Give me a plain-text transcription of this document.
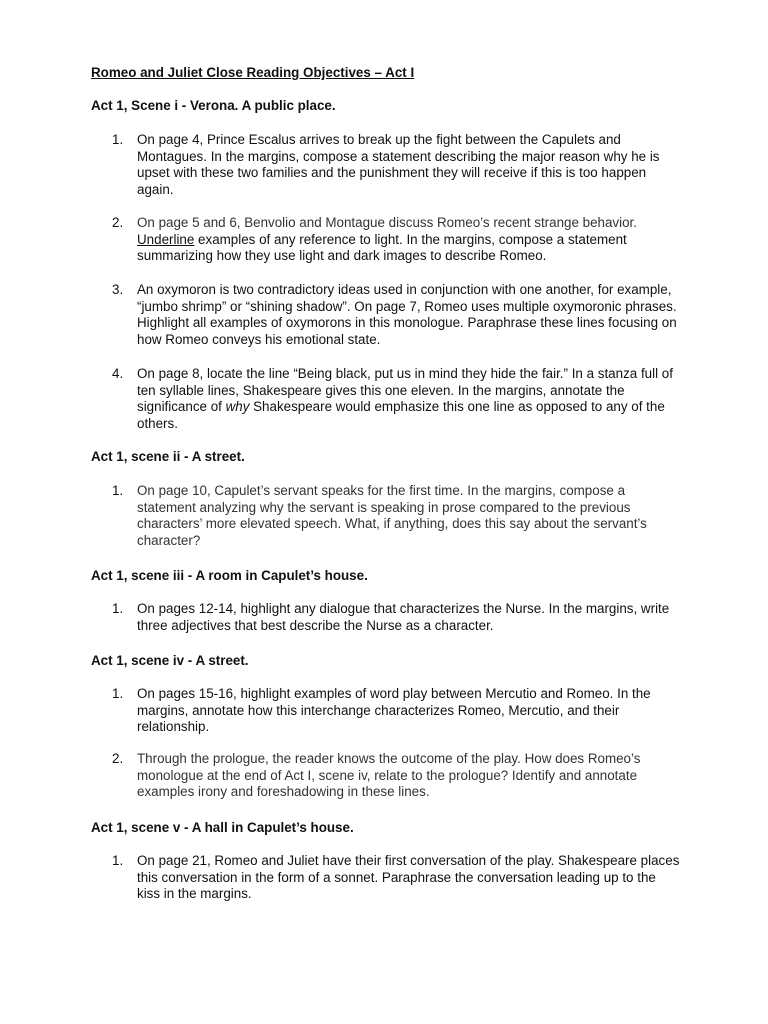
Romeo and Juliet Close Reading Objectives – Act I

Act 1, Scene i - Verona. A public place.

1.	On page 4, Prince Escalus arrives to break up the fight between the Capulets and Montagues. In the margins, compose a statement describing the major reason why he is upset with these two families and the punishment they will receive if this is too happen again.
2.	On page 5 and 6, Benvolio and Montague discuss Romeo’s recent strange behavior.
Underline examples of any reference to light. In the margins, compose a statement summarizing how they use light and dark images to describe Romeo.
3.	An oxymoron is two contradictory ideas used in conjunction with one another, for example, “jumbo shrimp” or “shining shadow”. On page 7, Romeo uses multiple oxymoronic phrases. Highlight all examples of oxymorons in this monologue. Paraphrase these lines focusing on how Romeo conveys his emotional state.
4.	On page 8, locate the line “Being black, put us in mind they hide the fair.” In a stanza full of ten syllable lines, Shakespeare gives this one eleven. In the margins, annotate the significance of why Shakespeare would emphasize this one line as opposed to any of the others.

Act 1, scene ii - A street.

1.	On page 10, Capulet’s servant speaks for the first time. In the margins, compose a statement analyzing why the servant is speaking in prose compared to the previous characters’ more elevated speech. What, if anything, does this say about the servant’s character?

Act 1, scene iii - A room in Capulet’s house.

1.	On pages 12-14, highlight any dialogue that characterizes the Nurse. In the margins, write three adjectives that best describe the Nurse as a character.

Act 1, scene iv - A street.

1.	On pages 15-16, highlight examples of word play between Mercutio and Romeo. In the margins, annotate how this interchange characterizes Romeo, Mercutio, and their relationship.
2.	Through the prologue, the reader knows the outcome of the play. How does Romeo’s monologue at the end of Act I, scene iv, relate to the prologue? Identify and annotate examples irony and foreshadowing in these lines.

Act 1, scene v - A hall in Capulet’s house.

1.	On page 21, Romeo and Juliet have their first conversation of the play. Shakespeare places this conversation in the form of a sonnet. Paraphrase the conversation leading up to the kiss in the margins.
